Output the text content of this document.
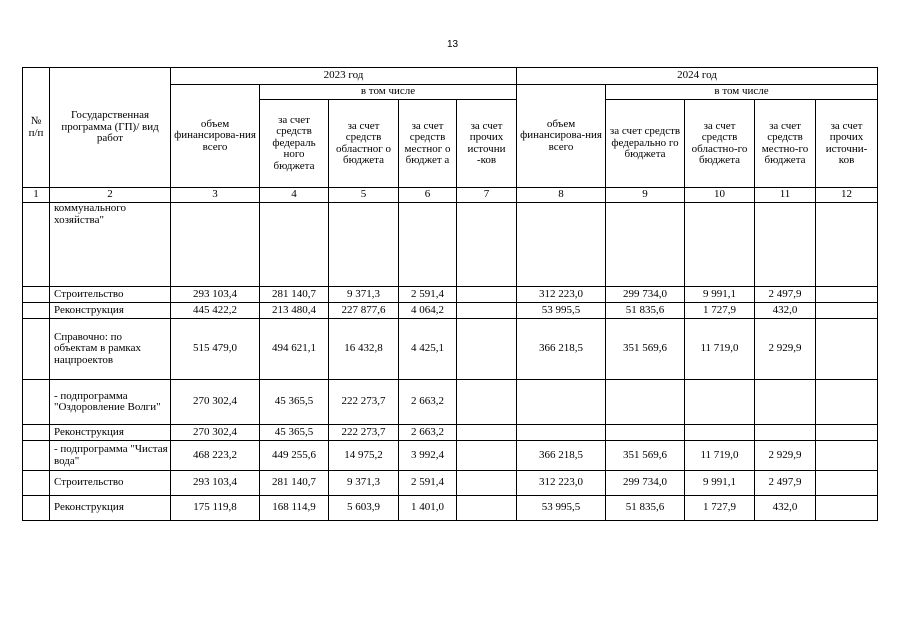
13
№ п/п	Государственная программа (ГП)/ вид работ	2023 год					2024 год				
		объем финансирова-ния всего	в том числе				объем финансирова-ния всего	в том числе			
			за счет средств федераль ного бюджета	за счет средств областног о бюджета	за счет средств местног о бюджет а	за счет прочих источни -ков		за счет средств федерально го бюджета	за счет средств областно-го бюджета	за счет средств местно-го бюджета	за счет прочих источни-ков
1	2	3	4	5	6	7	8	9	10	11	12
	коммунального хозяйства"										
	Строительство	293 103,4	281 140,7	9 371,3	2 591,4		312 223,0	299 734,0	9 991,1	2 497,9	
	Реконструкция	445 422,2	213 480,4	227 877,6	4 064,2		53 995,5	51 835,6	1 727,9	432,0	
	Справочно: по объектам в рамках нацпроектов	515 479,0	494 621,1	16 432,8	4 425,1		366 218,5	351 569,6	11 719,0	2 929,9	
	- подпрограмма "Оздоровление Волги"	270 302,4	45 365,5	222 273,7	2 663,2						
	Реконструкция	270 302,4	45 365,5	222 273,7	2 663,2						
	- подпрограмма "Чистая вода"	468 223,2	449 255,6	14 975,2	3 992,4		366 218,5	351 569,6	11 719,0	2 929,9	
	Строительство	293 103,4	281 140,7	9 371,3	2 591,4		312 223,0	299 734,0	9 991,1	2 497,9	
	Реконструкция	175 119,8	168 114,9	5 603,9	1 401,0		53 995,5	51 835,6	1 727,9	432,0	
